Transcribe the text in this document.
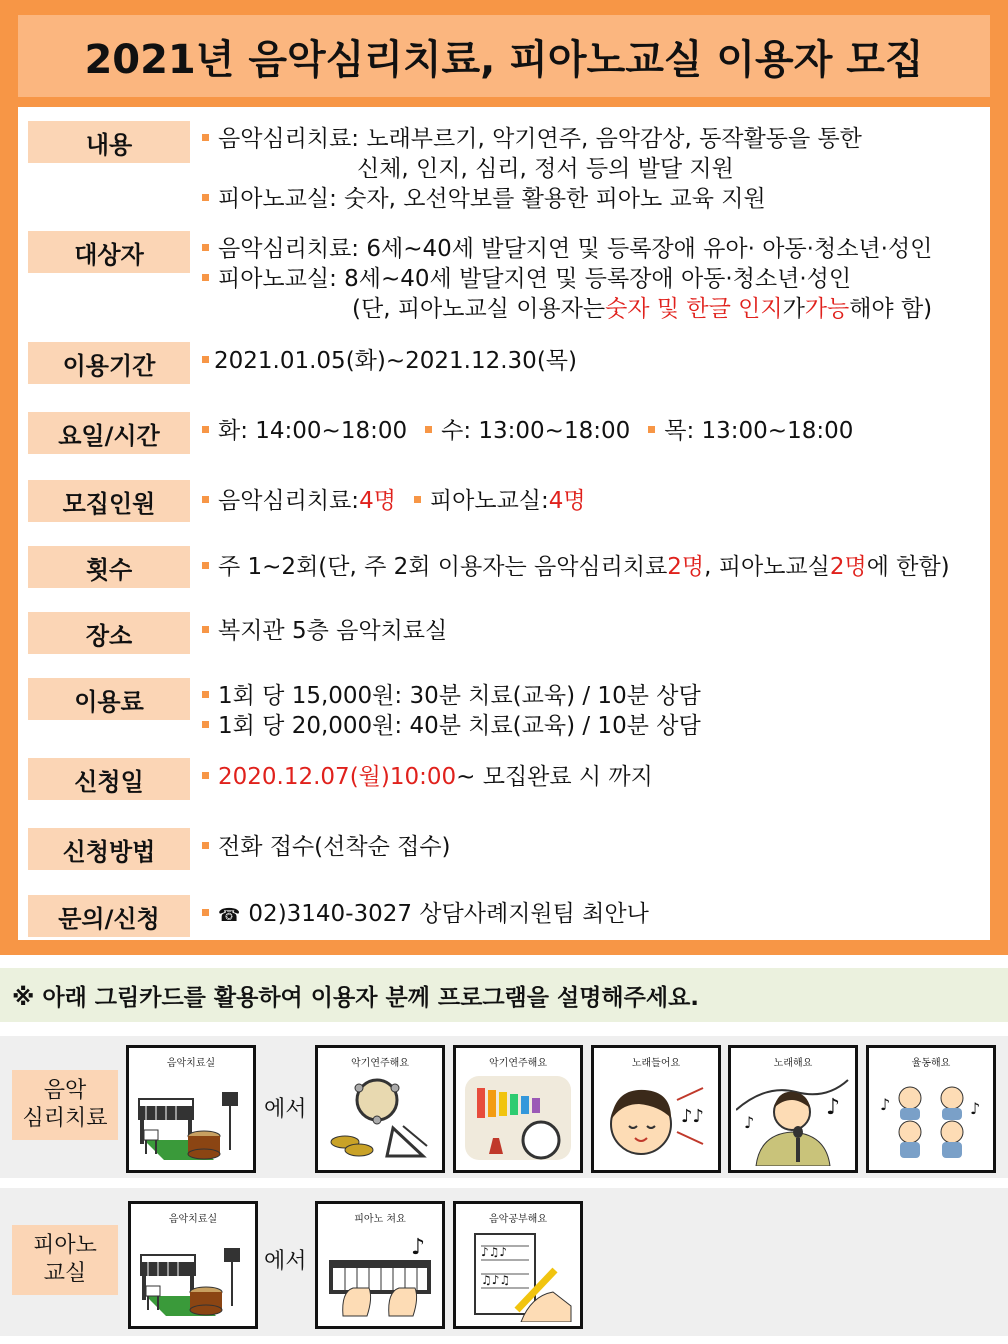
2021년 음악심리치료, 피아노교실 이용자 모집
내용	음악심리치료: 노래부르기, 악기연주, 음악감상, 동작활동을 통한
신체, 인지, 심리, 정서 등의 발달 지원
피아노교실: 숫자, 오선악보를 활용한 피아노 교육 지원
대상자	음악심리치료: 6세~40세 발달지연 및 등록장애 유아· 아동·청소년·성인
피아노교실: 8세~40세 발달지연 및 등록장애 아동·청소년·성인
(단, 피아노교실 이용자는 숫자 및 한글 인지 가 가능 해야 함)
이용기간	2021.01.05(화)~2021.12.30(목)
요일/시간	화: 14:00~18:00 수: 13:00~18:00 목: 13:00~18:00
모집인원	음악심리치료: 4명 피아노교실: 4명
횟수	주 1~2회(단, 주 2회 이용자는 음악심리치료 2명 , 피아노교실 2명 에 한함)
장소	복지관 5층 음악치료실
이용료	1회 당 15,000원: 30분 치료(교육) / 10분 상담
1회 당 20,000원: 40분 치료(교육) / 10분 상담
신청일	2020.12.07(월)10:00 ~ 모집완료 시 까지
신청방법	전화 접수(선착순 접수)
문의/신청	☎ 02)3140-3027 상담사례지원팀 최안나
※ 아래 그림카드를 활용하여 이용자 분께 프로그램을 설명해주세요.
음악
심리치료
음악치료실
에서
악기연주해요	악기연주해요	노래들어요
♪♪
노래해요
♪
♪
율동해요
♪	♪
피아노
교실
음악치료실
에서
피아노 쳐요
♪
음악공부해요
♪♫♪
♫♪♫
